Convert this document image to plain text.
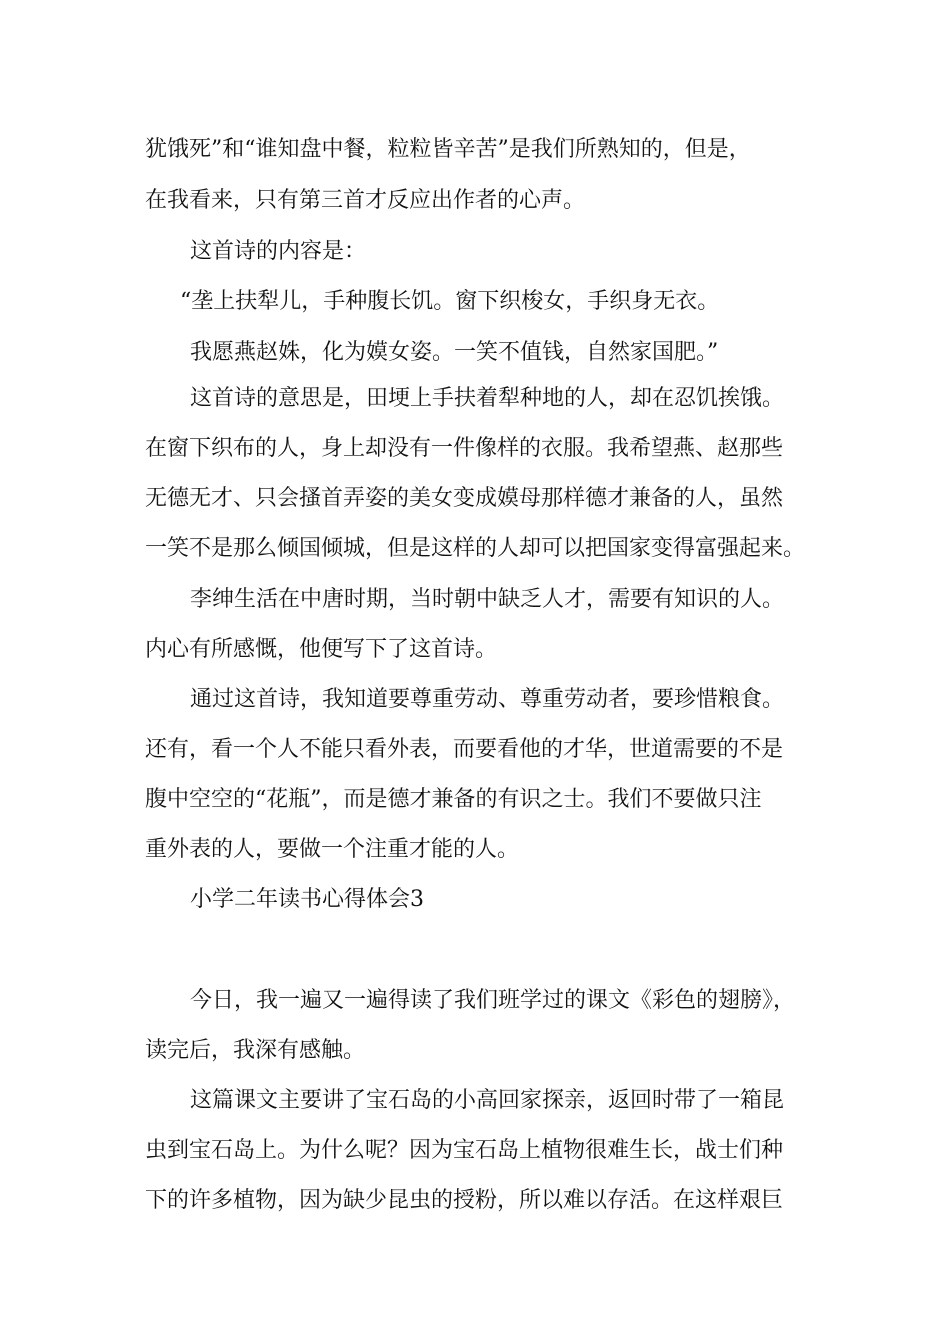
犹饿死”和“谁知盘中餐，粒粒皆辛苦”是我们所熟知的，但是，
在我看来，只有第三首才反应出作者的心声。
这首诗的内容是：
“垄上扶犁儿，手种腹长饥。窗下织梭女，手织身无衣。
我愿燕赵姝，化为嫫女姿。一笑不值钱，自然家国肥。”
这首诗的意思是，田埂上手扶着犁种地的人，却在忍饥挨饿。
在窗下织布的人，身上却没有一件像样的衣服。我希望燕、赵那些
无德无才、只会搔首弄姿的美女变成嫫母那样德才兼备的人，虽然
一笑不是那么倾国倾城，但是这样的人却可以把国家变得富强起来。
李绅生活在中唐时期，当时朝中缺乏人才，需要有知识的人。
内心有所感慨，他便写下了这首诗。
通过这首诗，我知道要尊重劳动、尊重劳动者，要珍惜粮食。
还有，看一个人不能只看外表，而要看他的才华，世道需要的不是
腹中空空的“花瓶”，而是德才兼备的有识之士。我们不要做只注
重外表的人，要做一个注重才能的人。
小学二年读书心得体会3
今日，我一遍又一遍得读了我们班学过的课文《彩色的翅膀》，
读完后，我深有感触。
这篇课文主要讲了宝石岛的小高回家探亲，返回时带了一箱昆
虫到宝石岛上。为什么呢？因为宝石岛上植物很难生长，战士们种
下的许多植物，因为缺少昆虫的授粉，所以难以存活。在这样艰巨
